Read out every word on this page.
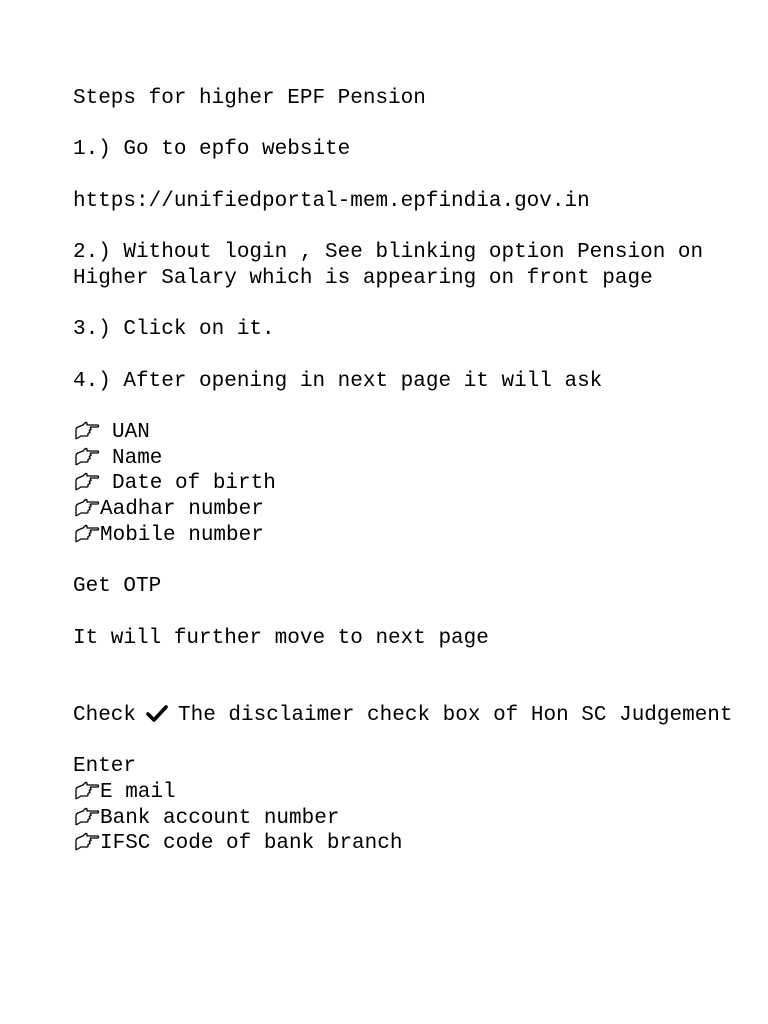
Steps for higher EPF Pension
1.) Go to epfo website
https://unifiedportal-mem.epfindia.gov.in
2.) Without login , See blinking option Pension on Higher Salary which is appearing on front page
3.) Click on it.
4.) After opening in next page it will ask
UAN
Name
Date of birth
Aadhar number
Mobile number
Get OTP
It will further move to next page
Check The disclaimer check box of Hon SC Judgement
Enter
E mail
Bank account number
IFSC code of bank branch
